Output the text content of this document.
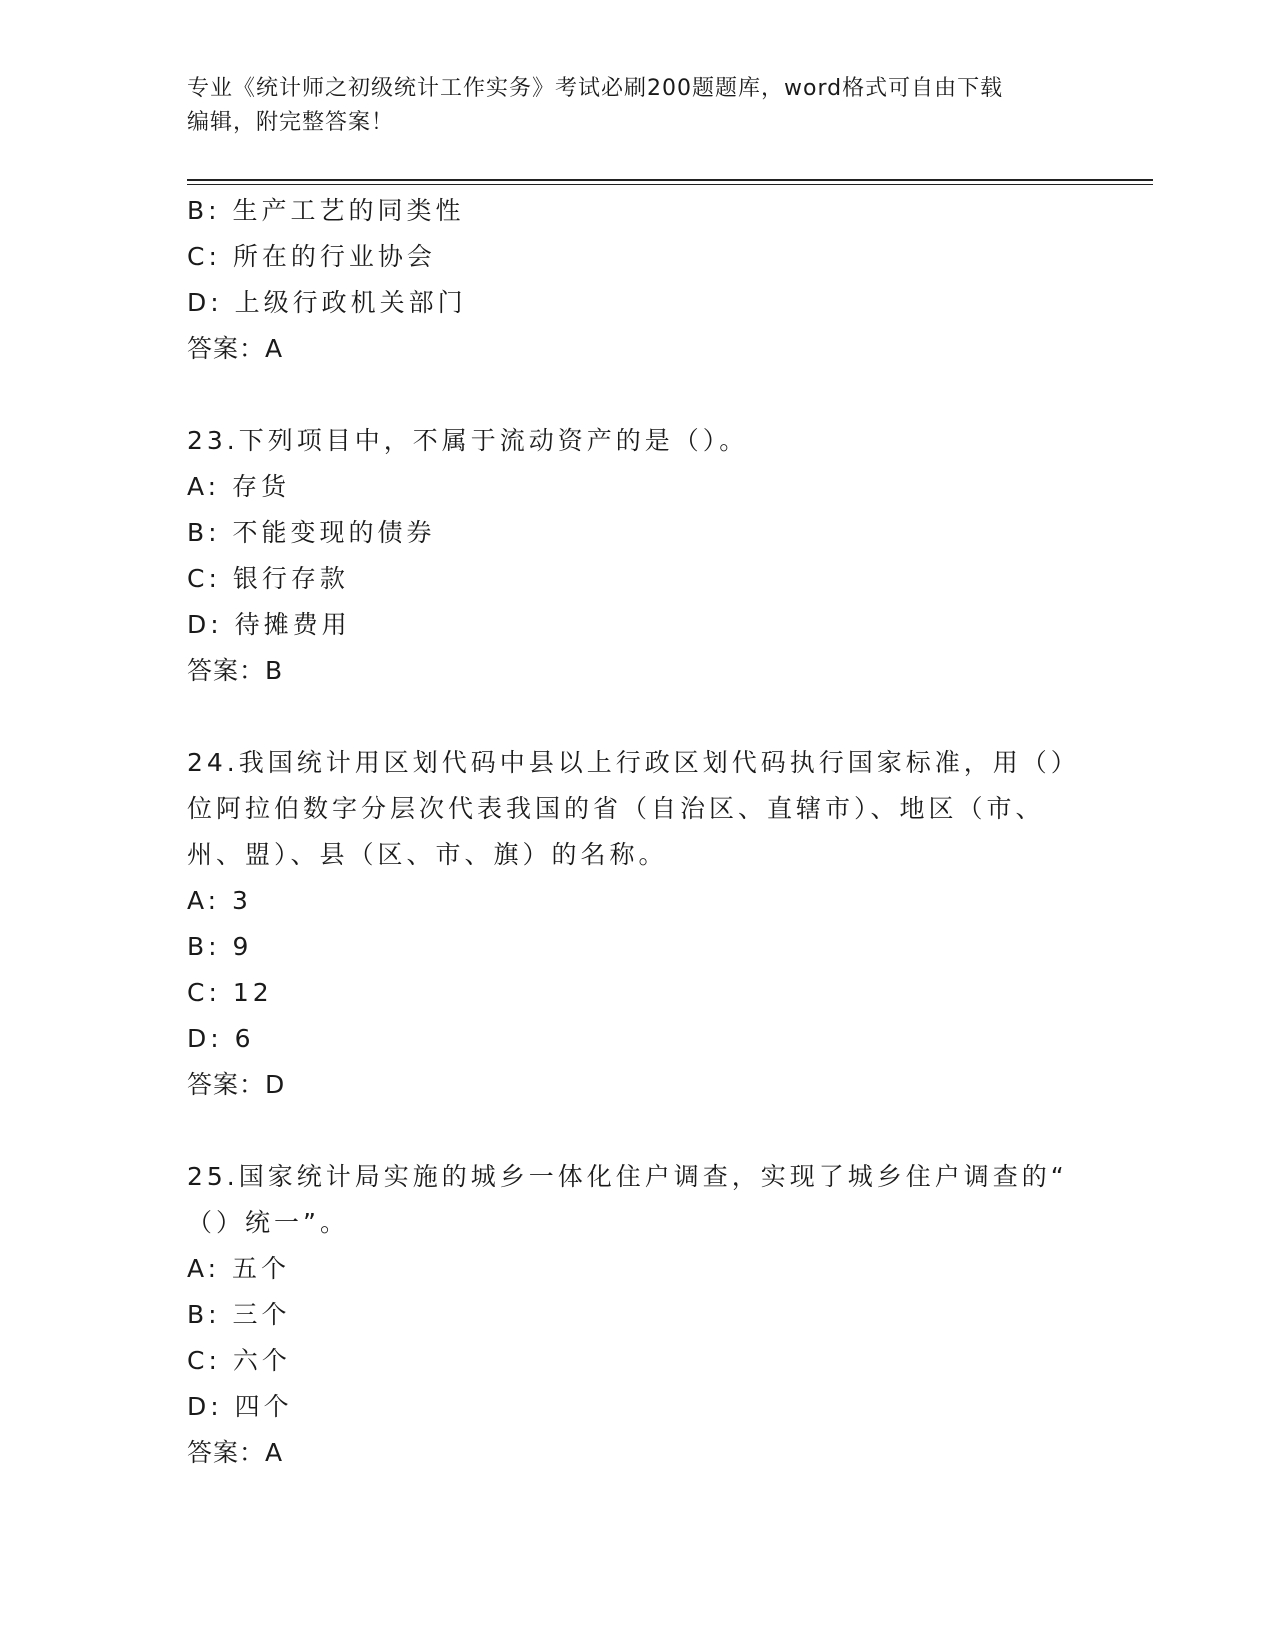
专业《统计师之初级统计工作实务》考试必刷200题题库，word格式可自由下载
编辑，附完整答案！
B: 生产工艺的同类性
C: 所在的行业协会
D: 上级行政机关部门
答案：A
23.下列项目中，不属于流动资产的是（）。
A: 存货
B: 不能变现的债券
C: 银行存款
D: 待摊费用
答案：B
24.我国统计用区划代码中县以上行政区划代码执行国家标准，用（）
位阿拉伯数字分层次代表我国的省（自治区、直辖市）、地区（市、
州、盟）、县（区、市、旗）的名称。
A: 3
B: 9
C: 12
D: 6
答案：D
25.国家统计局实施的城乡一体化住户调查，实现了城乡住户调查的“
（）统一”。
A: 五个
B: 三个
C: 六个
D: 四个
答案：A
